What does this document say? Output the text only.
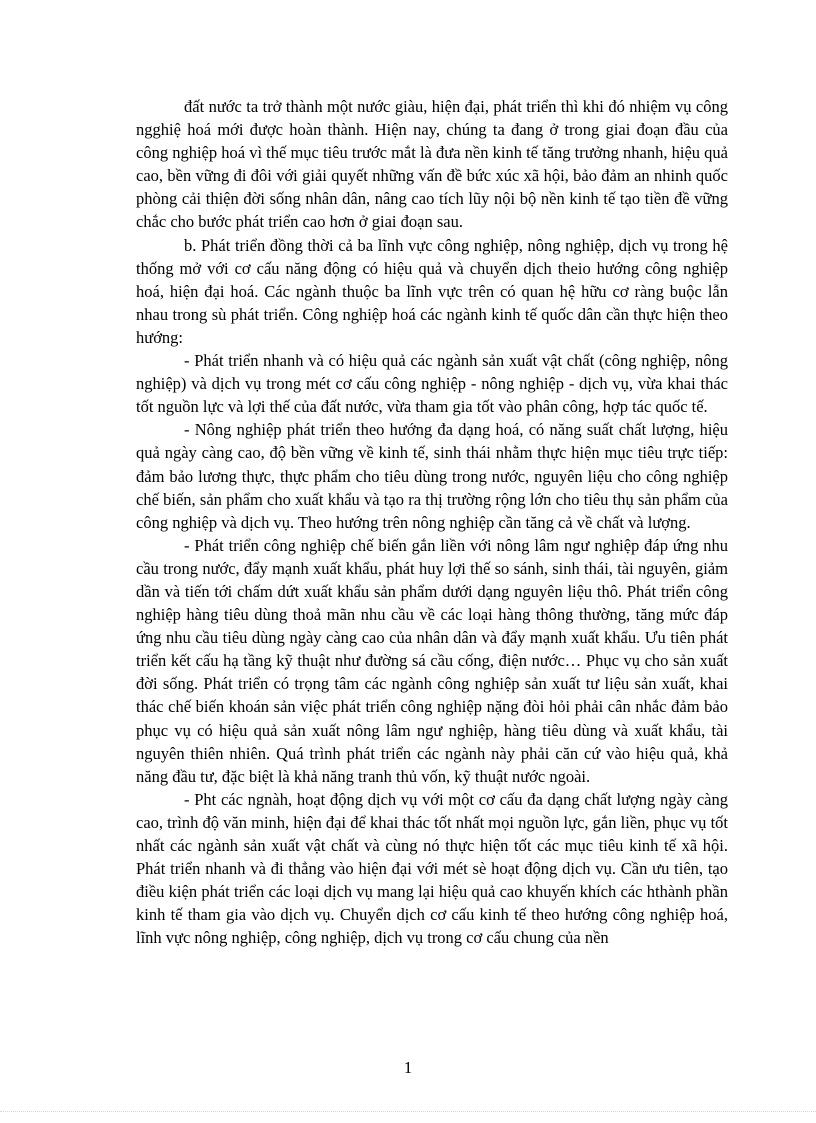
đất nước ta trở thành một nước giàu, hiện đại, phát triển thì khi đó nhiệm vụ công ngghiệ hoá mới được hoàn thành. Hiện nay, chúng ta đang ở trong giai đoạn đầu của công nghiệp hoá vì thế mục tiêu trước mắt là đưa nền kinh tế tăng trưởng nhanh, hiệu quả cao, bền vững đi đôi với giải quyết những vấn đề bức xúc xã hội, bảo đảm an nhinh quốc phòng cải thiện đời sống nhân dân, nâng cao tích lũy nội bộ nền kinh tế tạo tiền đề vững chắc cho bước phát triển cao hơn ở giai đoạn sau.

b. Phát triển đồng thời cả ba lĩnh vực công nghiệp, nông nghiệp, dịch vụ trong hệ thống mở với cơ cấu năng động có hiệu quả và chuyển dịch theio hướng công nghiệp hoá, hiện đại hoá. Các ngành thuộc ba lĩnh vực trên có quan hệ hữu cơ ràng buộc lẫn nhau trong sù phát triển. Công nghiệp hoá các ngành kinh tế quốc dân cần thực hiện theo hướng:

- Phát triển nhanh và có hiệu quả các ngành sản xuất vật chất (công nghiệp, nông nghiệp) và dịch vụ trong mét cơ cấu công nghiệp - nông nghiệp - dịch vụ, vừa khai thác tốt nguồn lực và lợi thế của đất nước, vừa tham gia tốt vào phân công, hợp tác quốc tế.

- Nông nghiệp phát triển theo hướng đa dạng hoá, có năng suất chất lượng, hiệu quả ngày càng cao, độ bền vững về kinh tế, sinh thái nhằm thực hiện mục tiêu trực tiếp: đảm bảo lương thực, thực phẩm cho tiêu dùng trong nước, nguyên liệu cho công nghiệp chế biến, sản phẩm cho xuất khẩu và tạo ra thị trường rộng lớn cho tiêu thụ sản phẩm của công nghiệp và dịch vụ. Theo hướng trên nông nghiệp cần tăng cả về chất và lượng.

- Phát triển công nghiệp chế biến gắn liền với nông lâm ngư nghiệp đáp ứng nhu cầu trong nước, đẩy mạnh xuất khẩu, phát huy lợi thế so sánh, sinh thái, tài nguyên, giảm dần và tiến tới chấm dứt xuất khẩu sản phẩm dưới dạng nguyên liệu thô. Phát triển công nghiệp hàng tiêu dùng thoả mãn nhu cầu về các loại hàng thông thường, tăng mức đáp ứng nhu cầu tiêu dùng ngày càng cao của nhân dân và đẩy mạnh xuất khẩu. Ưu tiên phát triển kết cấu hạ tầng kỹ thuật như đường sá cầu cống, điện nước… Phục vụ cho sản xuất đời sống. Phát triển có trọng tâm các ngành công nghiệp sản xuất tư liệu sản xuất, khai thác chế biến khoán sản việc phát triển công nghiệp nặng đòi hỏi phải cân nhắc đảm bảo phục vụ có hiệu quả sản xuất nông lâm ngư nghiệp, hàng tiêu dùng và xuất khẩu, tài nguyên thiên nhiên. Quá trình phát triển các ngành này phải căn cứ vào hiệu quả, khả năng đầu tư, đặc biệt là khả năng tranh thủ vốn, kỹ thuật nước ngoài.

- Pht các ngnàh, hoạt động dịch vụ với một cơ cấu đa dạng chất lượng ngày càng cao, trình độ văn minh, hiện đại để khai thác tốt nhất mọi nguồn lực, gắn liền, phục vụ tốt nhất các ngành sản xuất vật chất và cùng nó thực hiện tốt các mục tiêu kinh tế xã hội. Phát triển nhanh và đi thẳng vào hiện đại với mét sè hoạt động dịch vụ. Cần ưu tiên, tạo điều kiện phát triển các loại dịch vụ mang lại hiệu quả cao khuyến khích các hthành phần kinh tế tham gia vào dịch vụ. Chuyển dịch cơ cấu kinh tế theo hướng công nghiệp hoá, lĩnh vực nông nghiệp, công nghiệp, dịch vụ trong cơ cấu chung của nền

1
